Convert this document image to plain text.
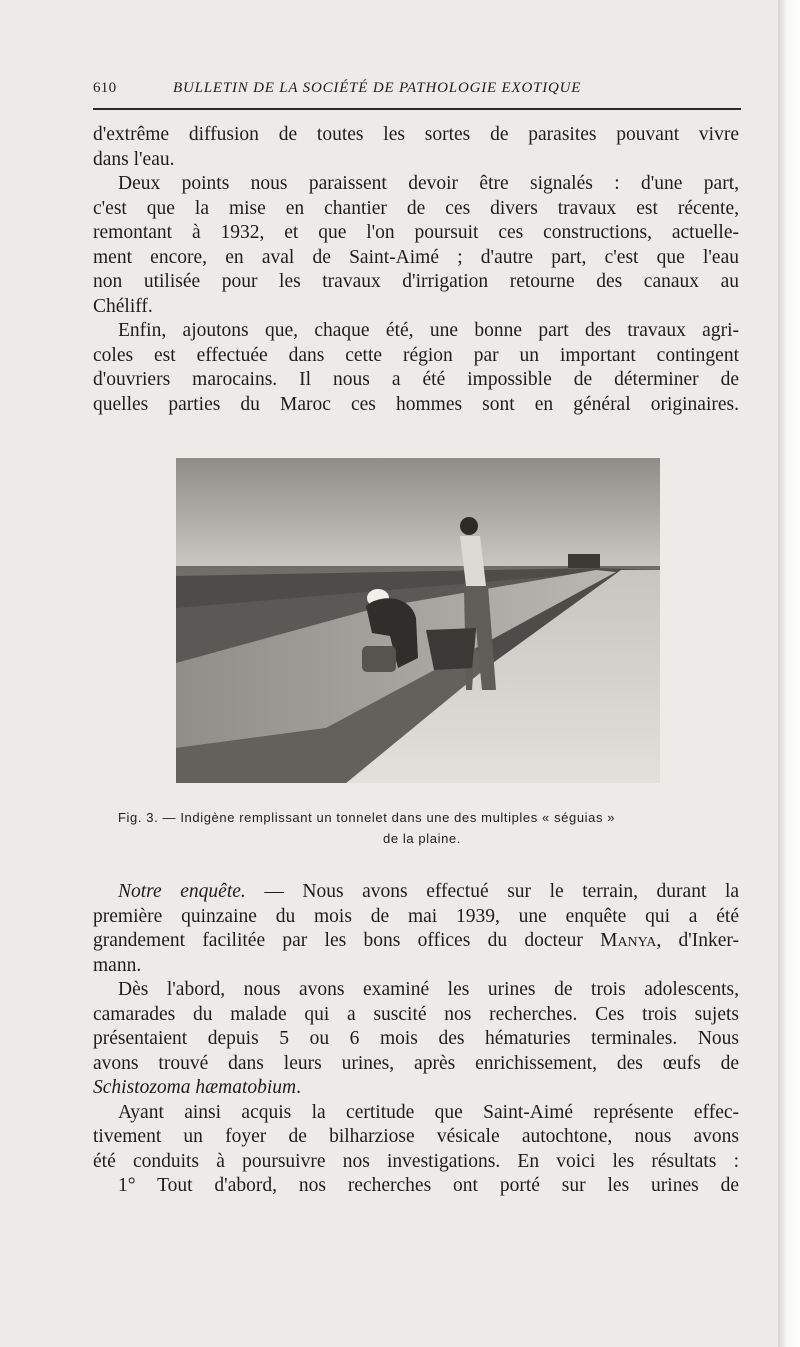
610	BULLETIN DE LA SOCIÉTÉ DE PATHOLOGIE EXOTIQUE

d'extrême diffusion de toutes les sortes de parasites pouvant vivre
dans l'eau.

Deux points nous paraissent devoir être signalés : d'une part,
c'est que la mise en chantier de ces divers travaux est récente,
remontant à 1932, et que l'on poursuit ces constructions, actuelle-
ment encore, en aval de Saint-Aimé ; d'autre part, c'est que l'eau
non utilisée pour les travaux d'irrigation retourne des canaux au
Chéliff.

Enfin, ajoutons que, chaque été, une bonne part des travaux agri-
coles est effectuée dans cette région par un important contingent
d'ouvriers marocains. Il nous a été impossible de déterminer de
quelles parties du Maroc ces hommes sont en général originaires.

Fig. 3. — Indigène remplissant un tonnelet dans une des multiples « séguias »
de la plaine.

Notre enquête. — Nous avons effectué sur le terrain, durant la
première quinzaine du mois de mai 1939, une enquête qui a été
grandement facilitée par les bons offices du docteur Manya, d'Inker-
mann.

Dès l'abord, nous avons examiné les urines de trois adolescents,
camarades du malade qui a suscité nos recherches. Ces trois sujets
présentaient depuis 5 ou 6 mois des hématuries terminales. Nous
avons trouvé dans leurs urines, après enrichissement, des œufs de
Schistozoma hæmatobium.

Ayant ainsi acquis la certitude que Saint-Aimé représente effec-
tivement un foyer de bilharziose vésicale autochtone, nous avons
été conduits à poursuivre nos investigations. En voici les résultats :

1° Tout d'abord, nos recherches ont porté sur les urines de
